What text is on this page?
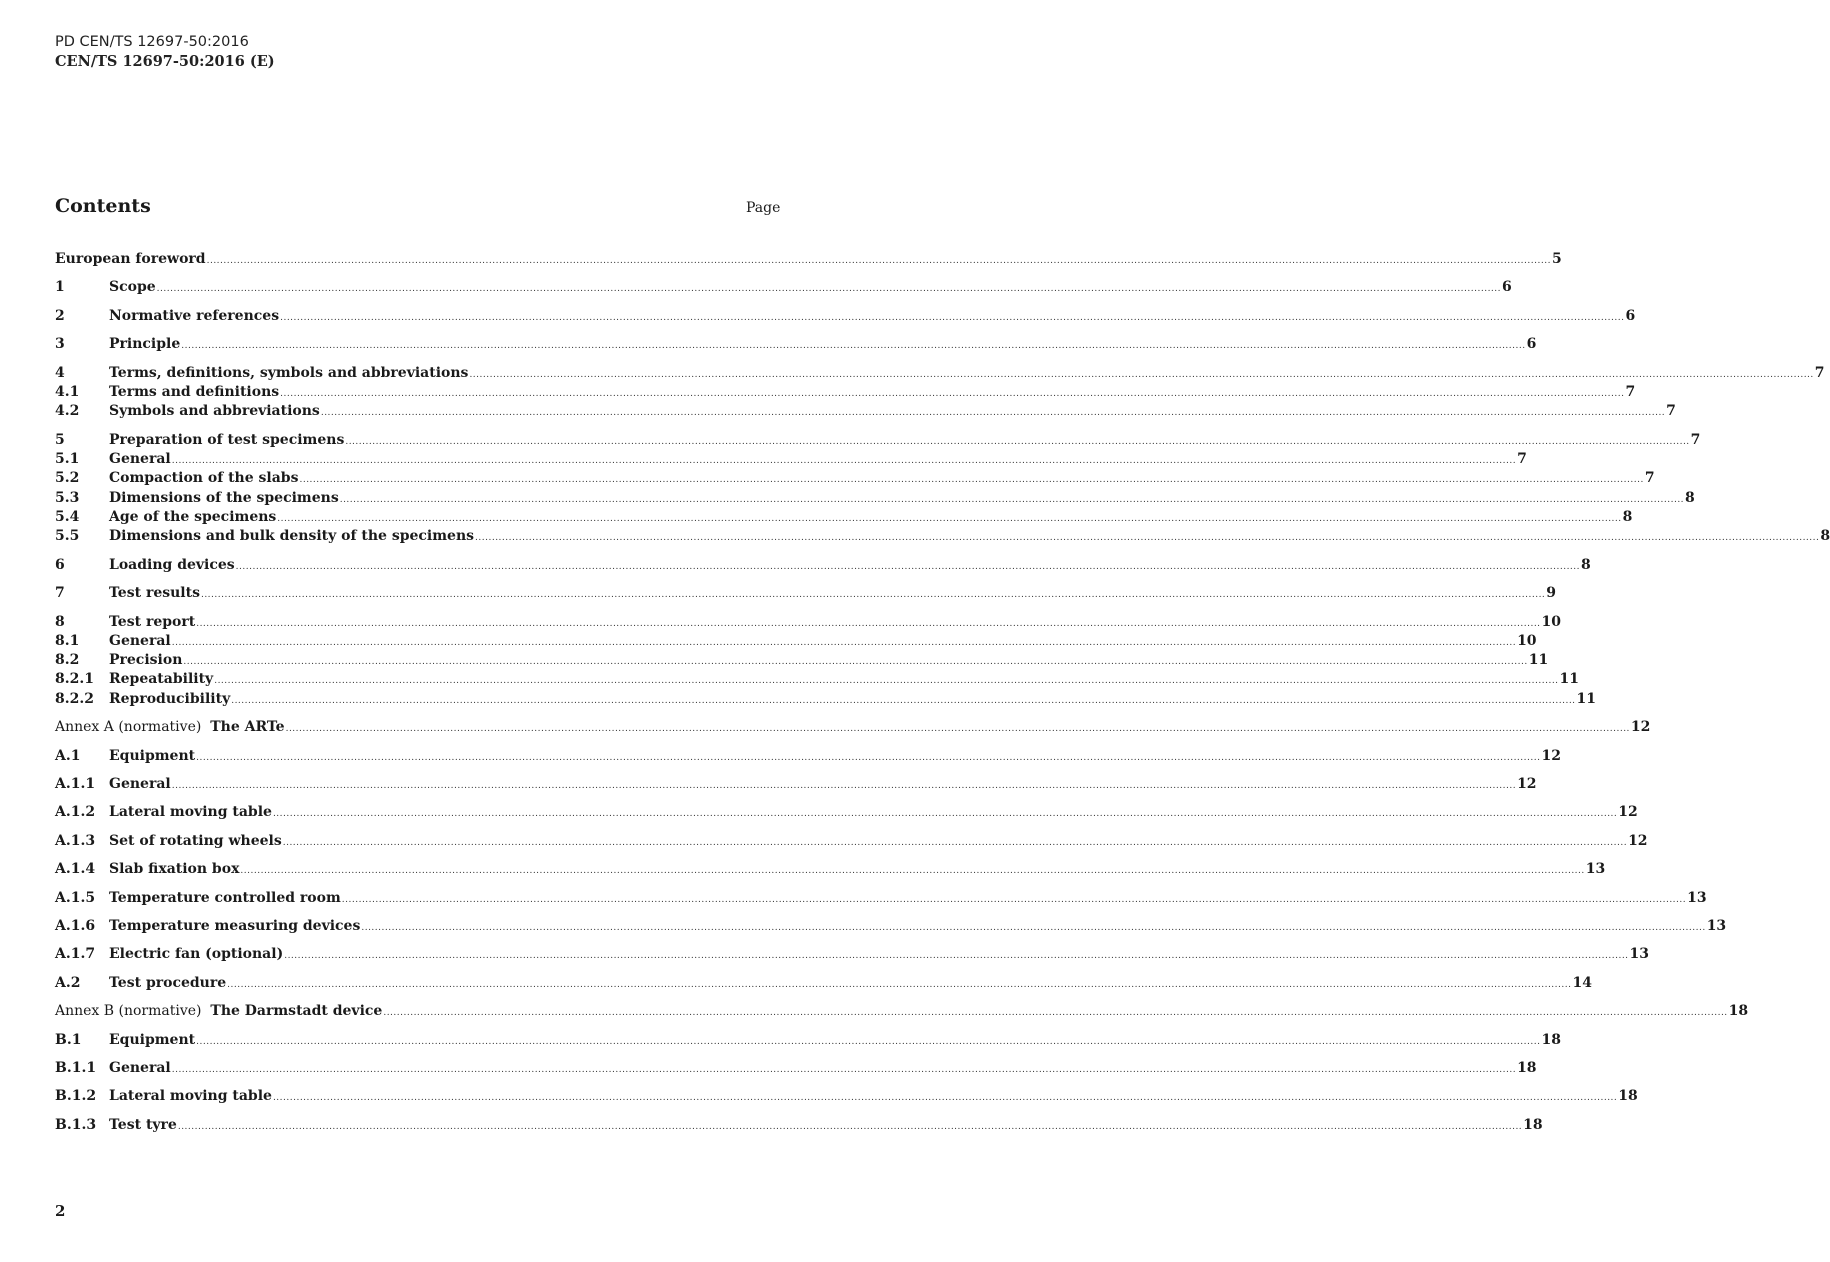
PD CEN/TS 12697-50:2016
CEN/TS 12697-50:2016 (E)
Contents	Page
European foreword ................................................................................................................................................................................................................................................................................................................................................................................................................ 5
1	Scope ................................................................................................................................................................................................................................................................................................................................................................................................................ 6
2	Normative references ................................................................................................................................................................................................................................................................................................................................................................................................................ 6
3	Principle ................................................................................................................................................................................................................................................................................................................................................................................................................ 6
4	Terms, definitions, symbols and abbreviations ................................................................................................................................................................................................................................................................................................................................................................................................................ 7
4.1	Terms and definitions ................................................................................................................................................................................................................................................................................................................................................................................................................ 7
4.2	Symbols and abbreviations ................................................................................................................................................................................................................................................................................................................................................................................................................ 7
5	Preparation of test specimens ................................................................................................................................................................................................................................................................................................................................................................................................................ 7
5.1	General ................................................................................................................................................................................................................................................................................................................................................................................................................ 7
5.2	Compaction of the slabs ................................................................................................................................................................................................................................................................................................................................................................................................................ 7
5.3	Dimensions of the specimens ................................................................................................................................................................................................................................................................................................................................................................................................................ 8
5.4	Age of the specimens ................................................................................................................................................................................................................................................................................................................................................................................................................ 8
5.5	Dimensions and bulk density of the specimens ................................................................................................................................................................................................................................................................................................................................................................................................................ 8
6	Loading devices ................................................................................................................................................................................................................................................................................................................................................................................................................ 8
7	Test results ................................................................................................................................................................................................................................................................................................................................................................................................................ 9
8	Test report ................................................................................................................................................................................................................................................................................................................................................................................................................ 10
8.1	General ................................................................................................................................................................................................................................................................................................................................................................................................................ 10
8.2	Precision ................................................................................................................................................................................................................................................................................................................................................................................................................ 11
8.2.1	Repeatability ................................................................................................................................................................................................................................................................................................................................................................................................................ 11
8.2.2	Reproducibility ................................................................................................................................................................................................................................................................................................................................................................................................................ 11
Annex A (normative)  The ARTe ................................................................................................................................................................................................................................................................................................................................................................................................................ 12
A.1	Equipment ................................................................................................................................................................................................................................................................................................................................................................................................................ 12
A.1.1 General ................................................................................................................................................................................................................................................................................................................................................................................................................ 12
A.1.2 Lateral moving table ................................................................................................................................................................................................................................................................................................................................................................................................................ 12
A.1.3 Set of rotating wheels ................................................................................................................................................................................................................................................................................................................................................................................................................ 12
A.1.4 Slab fixation box ................................................................................................................................................................................................................................................................................................................................................................................................................ 13
A.1.5 Temperature controlled room ................................................................................................................................................................................................................................................................................................................................................................................................................ 13
A.1.6 Temperature measuring devices ................................................................................................................................................................................................................................................................................................................................................................................................................ 13
A.1.7 Electric fan (optional) ................................................................................................................................................................................................................................................................................................................................................................................................................ 13
A.2	Test procedure ................................................................................................................................................................................................................................................................................................................................................................................................................ 14
Annex B (normative)  The Darmstadt device ................................................................................................................................................................................................................................................................................................................................................................................................................ 18
B.1	Equipment ................................................................................................................................................................................................................................................................................................................................................................................................................ 18
B.1.1 General ................................................................................................................................................................................................................................................................................................................................................................................................................ 18
B.1.2 Lateral moving table ................................................................................................................................................................................................................................................................................................................................................................................................................ 18
B.1.3 Test tyre ................................................................................................................................................................................................................................................................................................................................................................................................................ 18
2
